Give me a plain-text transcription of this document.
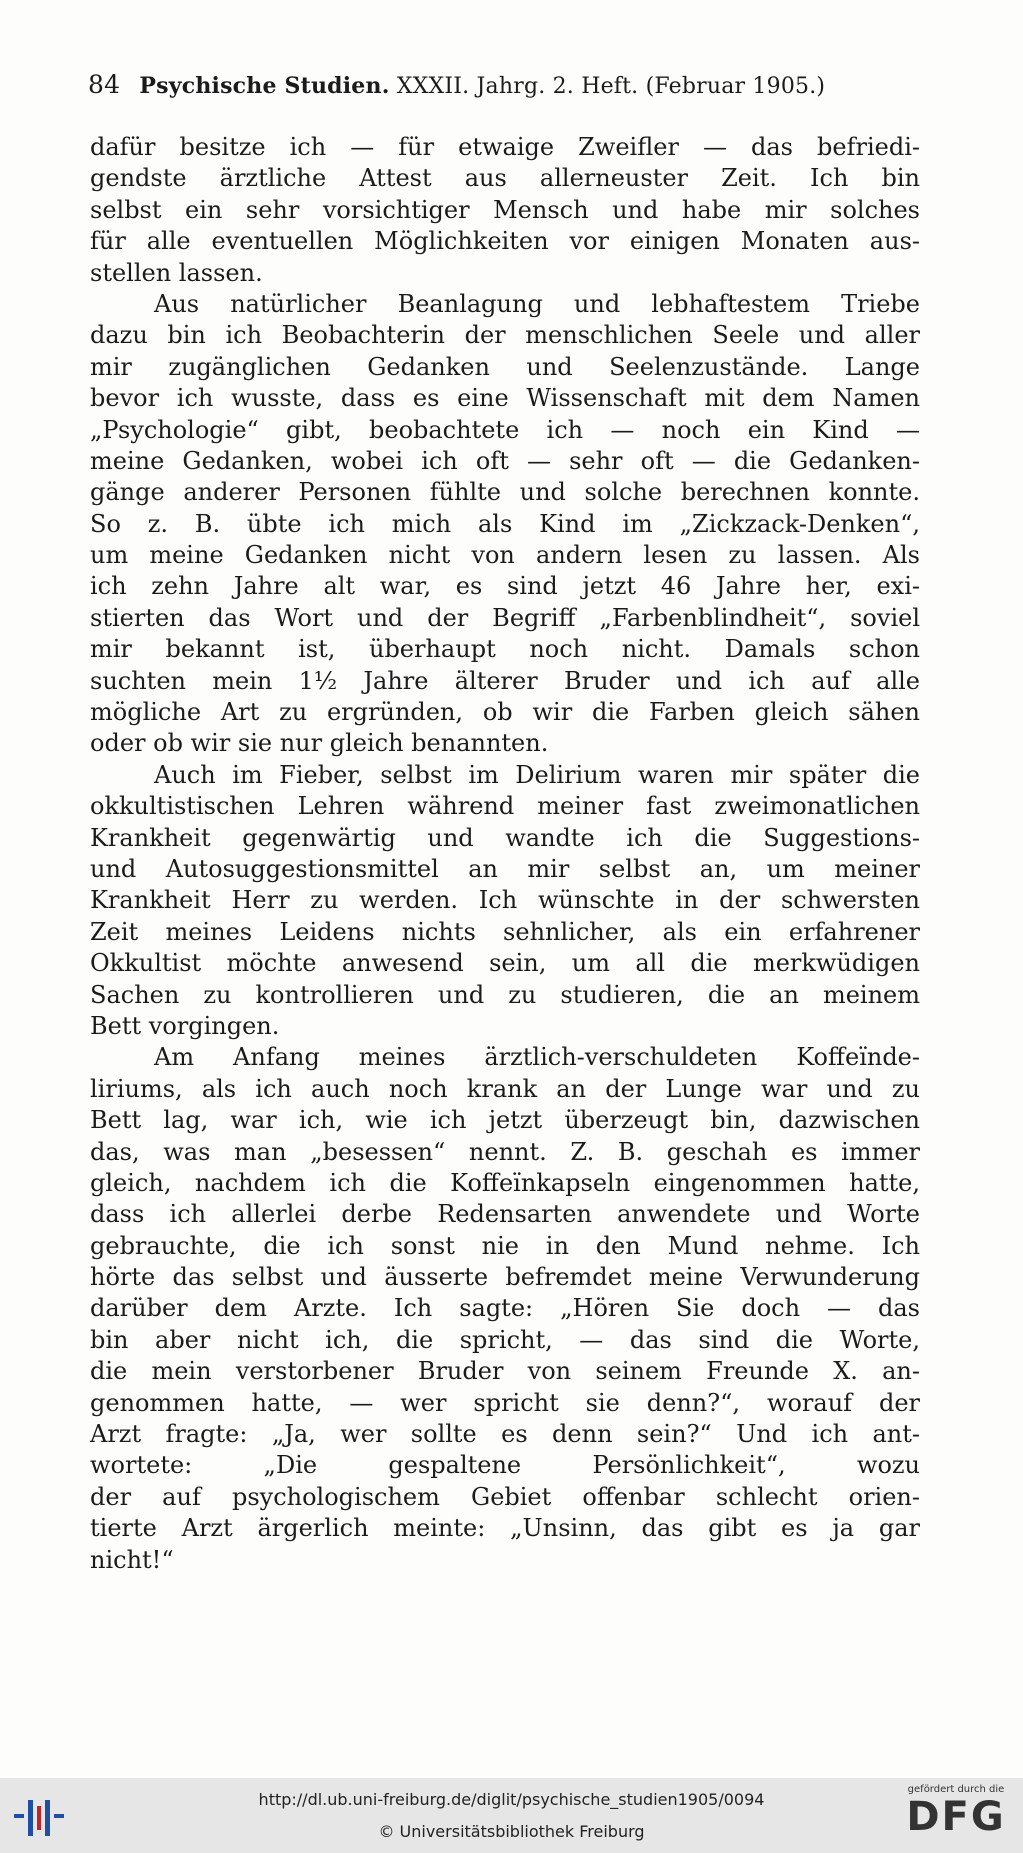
84 Psychische Studien. XXXII. Jahrg. 2. Heft. (Februar 1905.)
dafür besitze ich — für etwaige Zweifler — das befriedi-
gendste ärztliche Attest aus allerneuster Zeit. Ich bin
selbst ein sehr vorsichtiger Mensch und habe mir solches
für alle eventuellen Möglichkeiten vor einigen Monaten aus-
stellen lassen.
Aus natürlicher Beanlagung und lebhaftestem Triebe
dazu bin ich Beobachterin der menschlichen Seele und aller
mir zugänglichen Gedanken und Seelenzustände. Lange
bevor ich wusste, dass es eine Wissenschaft mit dem Namen
„Psychologie“ gibt, beobachtete ich — noch ein Kind —
meine Gedanken, wobei ich oft — sehr oft — die Gedanken-
gänge anderer Personen fühlte und solche berechnen konnte.
So z. B. übte ich mich als Kind im „Zickzack-Denken“,
um meine Gedanken nicht von andern lesen zu lassen. Als
ich zehn Jahre alt war, es sind jetzt 46 Jahre her, exi-
stierten das Wort und der Begriff „Farbenblindheit“, soviel
mir bekannt ist, überhaupt noch nicht. Damals schon
suchten mein 1½ Jahre älterer Bruder und ich auf alle
mögliche Art zu ergründen, ob wir die Farben gleich sähen
oder ob wir sie nur gleich benannten.
Auch im Fieber, selbst im Delirium waren mir später die
okkultistischen Lehren während meiner fast zweimonatlichen
Krankheit gegenwärtig und wandte ich die Suggestions-
und Autosuggestionsmittel an mir selbst an, um meiner
Krankheit Herr zu werden. Ich wünschte in der schwersten
Zeit meines Leidens nichts sehnlicher, als ein erfahrener
Okkultist möchte anwesend sein, um all die merkwüdigen
Sachen zu kontrollieren und zu studieren, die an meinem
Bett vorgingen.
Am Anfang meines ärztlich-verschuldeten Koffeïnde-
liriums, als ich auch noch krank an der Lunge war und zu
Bett lag, war ich, wie ich jetzt überzeugt bin, dazwischen
das, was man „besessen“ nennt. Z. B. geschah es immer
gleich, nachdem ich die Koffeïnkapseln eingenommen hatte,
dass ich allerlei derbe Redensarten anwendete und Worte
gebrauchte, die ich sonst nie in den Mund nehme. Ich
hörte das selbst und äusserte befremdet meine Verwunderung
darüber dem Arzte. Ich sagte: „Hören Sie doch — das
bin aber nicht ich, die spricht, — das sind die Worte,
die mein verstorbener Bruder von seinem Freunde X. an-
genommen hatte, — wer spricht sie denn?“, worauf der
Arzt fragte: „Ja, wer sollte es denn sein?“ Und ich ant-
wortete: „Die gespaltene Persönlichkeit“, wozu
der auf psychologischem Gebiet offenbar schlecht orien-
tierte Arzt ärgerlich meinte: „Unsinn, das gibt es ja gar
nicht!“
http://dl.ub.uni-freiburg.de/diglit/psychische_studien1905/0094
© Universitätsbibliothek Freiburg
gefördert durch die
DFG
